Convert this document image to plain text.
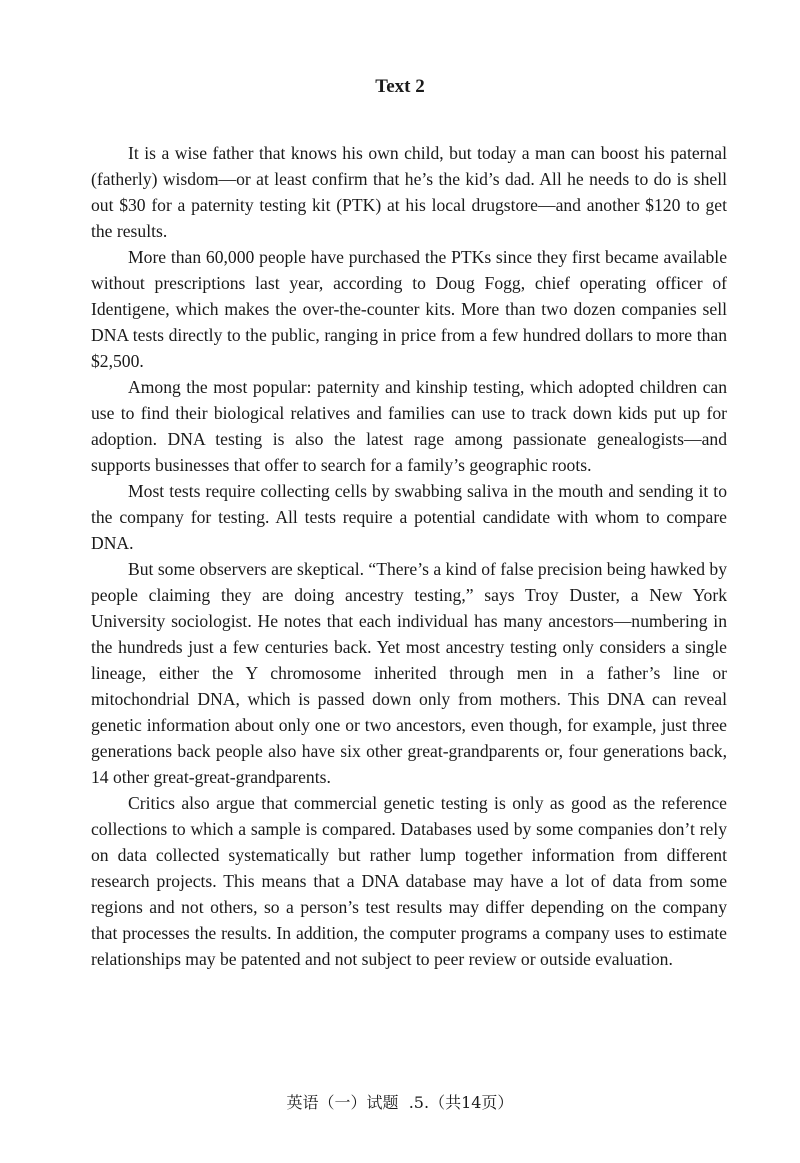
Text 2

It is a wise father that knows his own child, but today a man can boost his paternal (fatherly) wisdom—or at least confirm that he’s the kid’s dad. All he needs to do is shell out $30 for a paternity testing kit (PTK) at his local drugstore—and another $120 to get the results.

More than 60,000 people have purchased the PTKs since they first became available without prescriptions last year, according to Doug Fogg, chief operating officer of Identigene, which makes the over-the-counter kits. More than two dozen companies sell DNA tests directly to the public, ranging in price from a few hundred dollars to more than $2,500.

Among the most popular: paternity and kinship testing, which adopted children can use to find their biological relatives and families can use to track down kids put up for adoption. DNA testing is also the latest rage among passionate genealogists—and supports businesses that offer to search for a family’s geographic roots.

Most tests require collecting cells by swabbing saliva in the mouth and sending it to the company for testing. All tests require a potential candidate with whom to compare DNA.

But some observers are skeptical. “There’s a kind of false precision being hawked by people claiming they are doing ancestry testing,” says Troy Duster, a New York University sociologist. He notes that each individual has many ancestors—numbering in the hundreds just a few centuries back. Yet most ancestry testing only considers a single lineage, either the Y chromosome inherited through men in a father’s line or mitochondrial DNA, which is passed down only from mothers. This DNA can reveal genetic information about only one or two ancestors, even though, for example, just three generations back people also have six other great-grandparents or, four generations back, 14 other great-great-grandparents.

Critics also argue that commercial genetic testing is only as good as the reference collections to which a sample is compared. Databases used by some companies don’t rely on data collected systematically but rather lump together information from different research projects. This means that a DNA database may have a lot of data from some regions and not others, so a person’s test results may differ depending on the company that processes the results. In addition, the computer programs a company uses to estimate relationships may be patented and not subject to peer review or outside evaluation.

英语（一）试题  .5.（共14页）
